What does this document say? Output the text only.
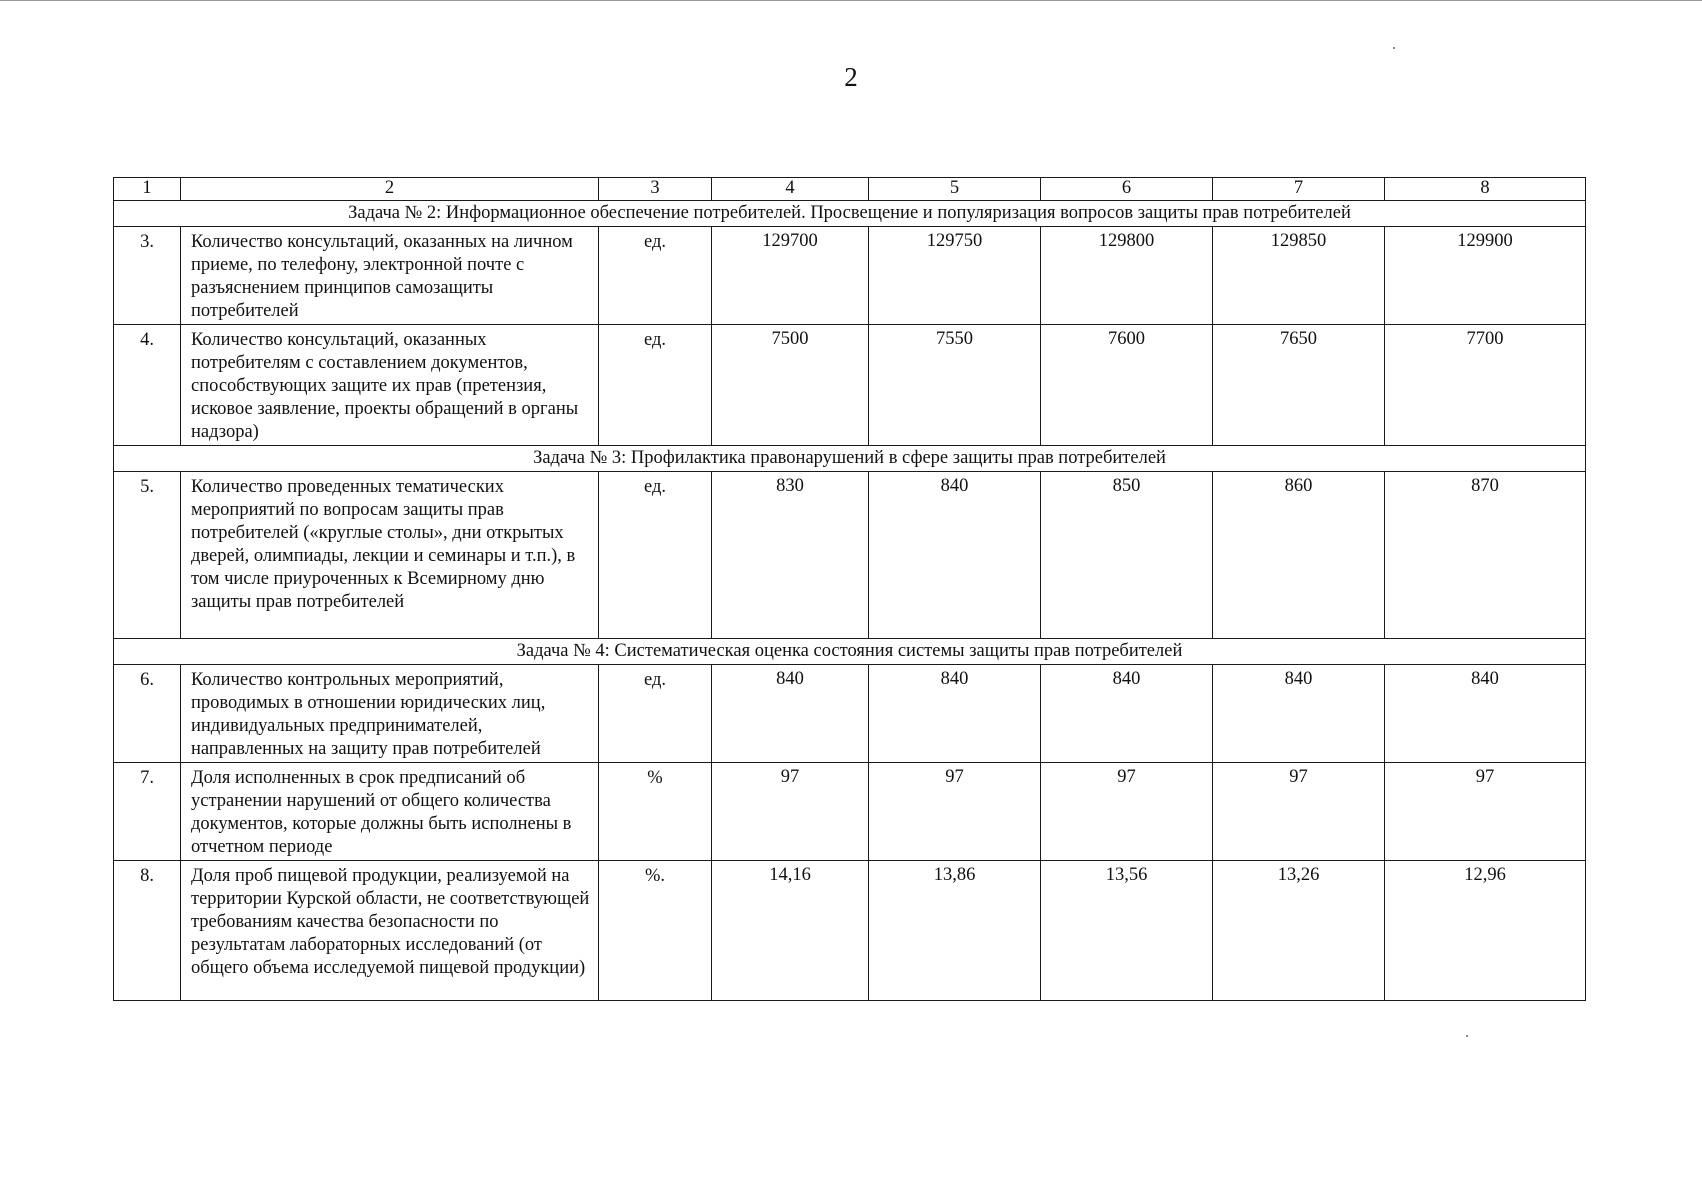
2
1	2	3	4	5	6	7	8
Задача № 2: Информационное обеспечение потребителей. Просвещение и популяризация вопросов защиты прав потребителей							
3.	Количество консультаций, оказанных на личном приеме, по телефону, электронной почте с разъяснением принципов самозащиты потребителей	ед.	129700	129750	129800	129850	129900
4.	Количество консультаций, оказанных потребителям с составлением документов, способствующих защите их прав (претензия, исковое заявление, проекты обращений в органы надзора)	ед.	7500	7550	7600	7650	7700
Задача № 3: Профилактика правонарушений в сфере защиты прав потребителей							
5.	Количество проведенных тематических мероприятий по вопросам защиты прав потребителей («круглые столы», дни открытых дверей, олимпиады, лекции и семинары и т.п.), в том числе приуроченных к Всемирному дню защиты прав потребителей	ед.	830	840	850	860	870
Задача № 4: Систематическая оценка состояния системы защиты прав потребителей							
6.	Количество контрольных мероприятий, проводимых в отношении юридических лиц, индивидуальных предпринимателей, направленных на защиту прав потребителей	ед.	840	840	840	840	840
7.	Доля исполненных в срок предписаний об устранении нарушений от общего количества документов, которые должны быть исполнены в отчетном периоде	%	97	97	97	97	97
8.	Доля проб пищевой продукции, реализуемой на территории Курской области, не соответствующей требованиям качества безопасности по результатам лабораторных исследований (от общего объема исследуемой пищевой продукции)	%.	14,16	13,86	13,56	13,26	12,96
